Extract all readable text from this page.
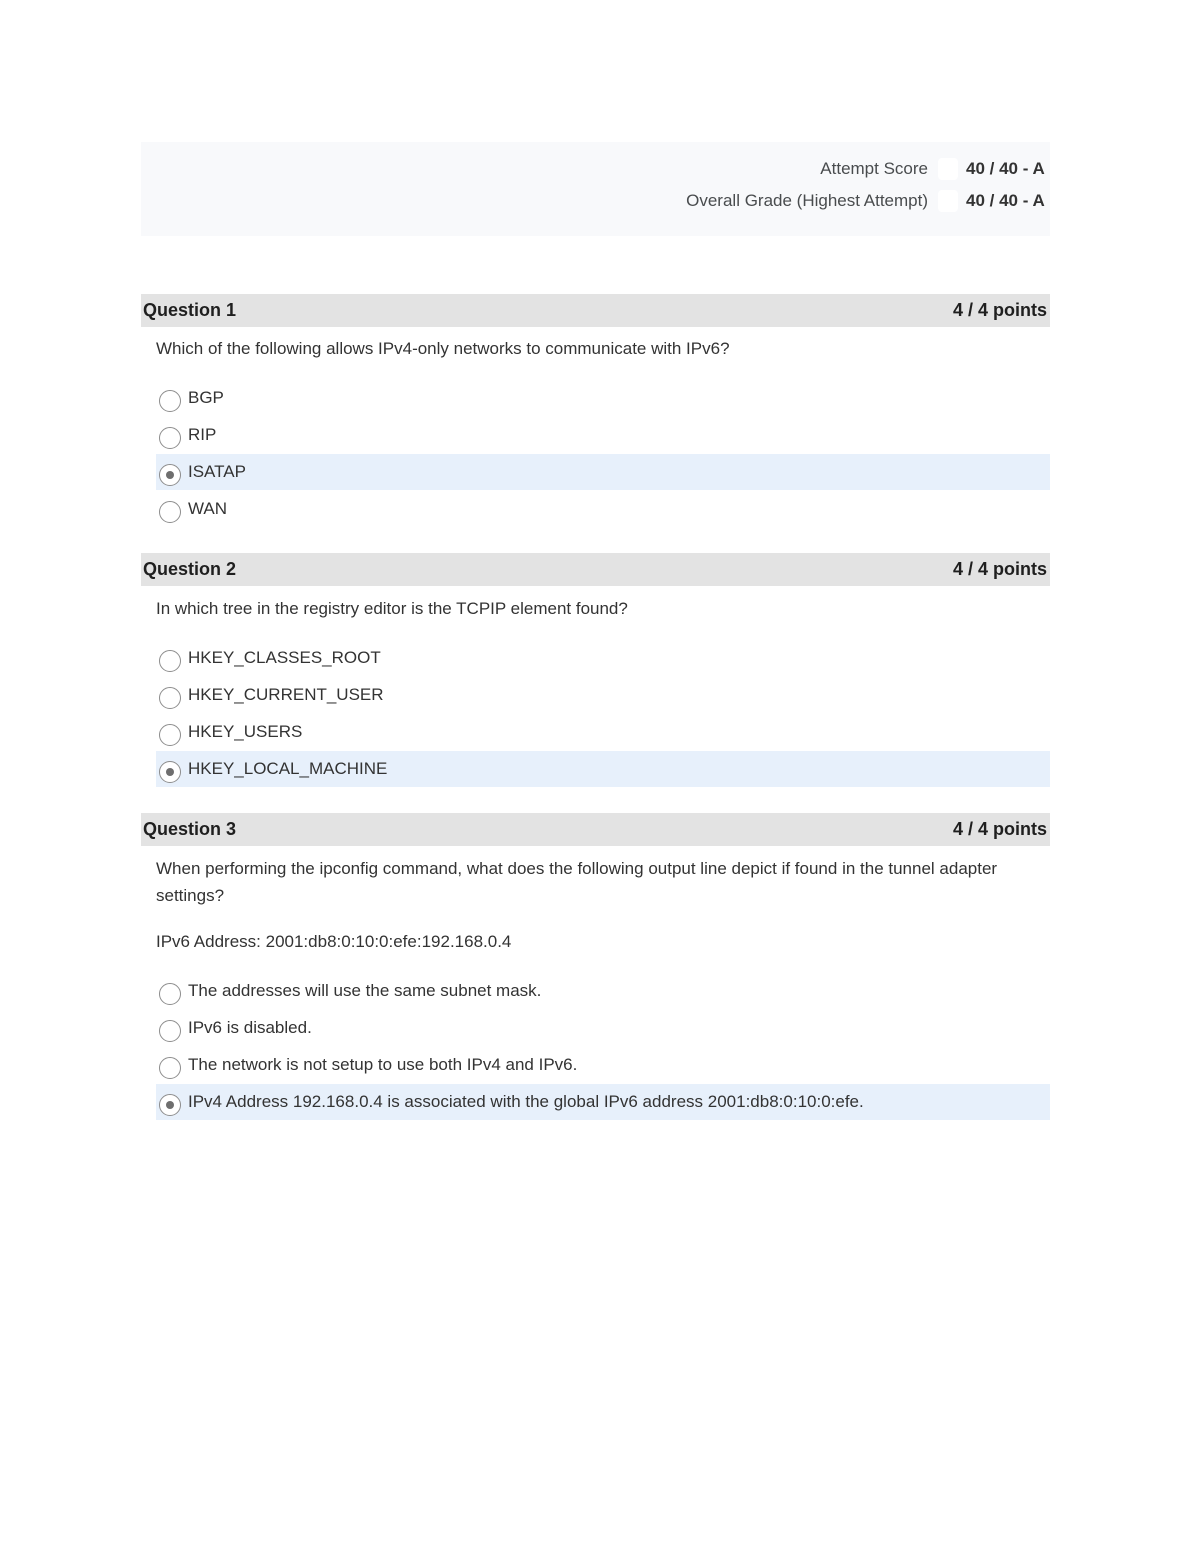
Attempt Score	40 / 40 - A
Overall Grade (Highest Attempt)	40 / 40 - A
Question 1	4 / 4 points
Which of the following allows IPv4-only networks to communicate with IPv6?
BGP
RIP
ISATAP
WAN
Question 2	4 / 4 points
In which tree in the registry editor is the TCPIP element found?
HKEY_CLASSES_ROOT
HKEY_CURRENT_USER
HKEY_USERS
HKEY_LOCAL_MACHINE
Question 3	4 / 4 points
When performing the ipconfig command, what does the following output line depict if found in the tunnel adapter settings?
IPv6 Address: 2001:db8:0:10:0:efe:192.168.0.4
The addresses will use the same subnet mask.
IPv6 is disabled.
The network is not setup to use both IPv4 and IPv6.
IPv4 Address 192.168.0.4 is associated with the global IPv6 address 2001:db8:0:10:0:efe.
